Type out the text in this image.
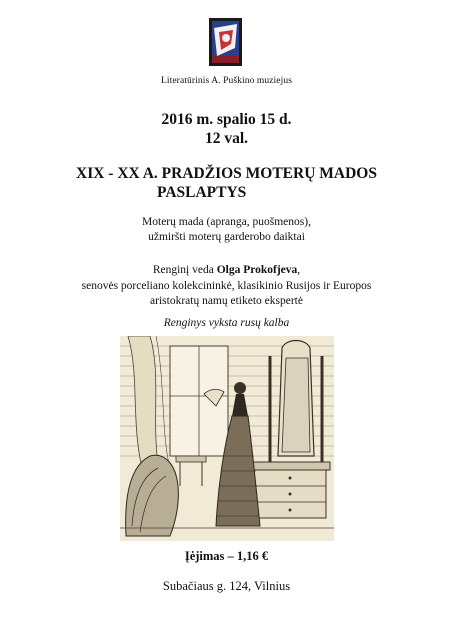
Literatūrinis A. Puškino muziejus
2016 m. spalio 15 d.
12 val.
XIX - XX A. PRADŽIOS MOTERŲ MADOS
PASLAPTYS
Moterų mada (apranga, puošmenos),
užmiršti moterų garderobo daiktai
Renginį veda Olga Prokofjeva,
senovės porceliano kolekcininkė, klasikinio Rusijos ir Europos
aristokratų namų etiketo ekspertė
Renginys vyksta rusų kalba
Įėjimas – 1,16 €
Subačiaus g. 124, Vilnius
